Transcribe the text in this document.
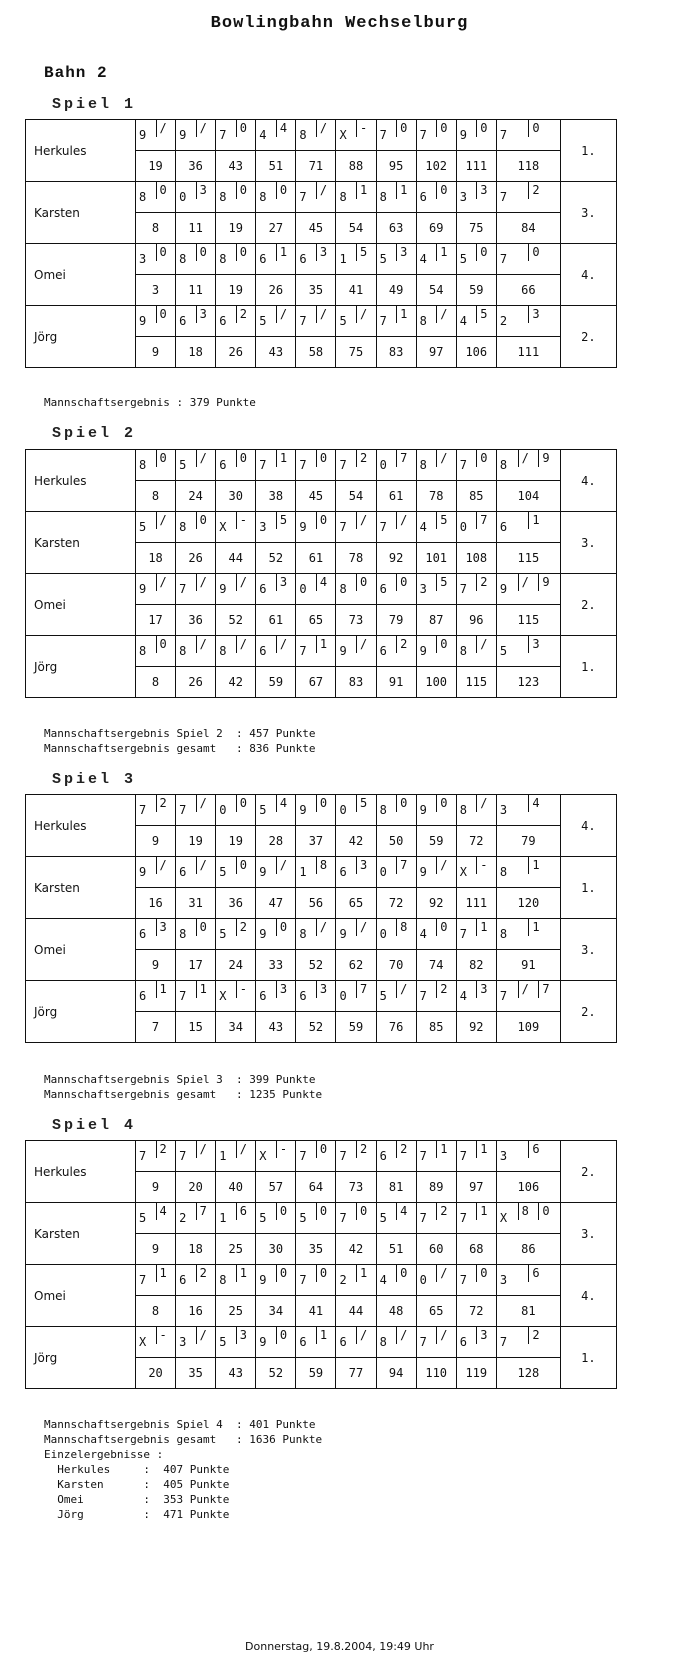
Bowlingbahn Wechselburg
Bahn 2
Spiel 1
Herkules	9 /	9 /	7 0	4 4	8 /	X -	7 0	7 0	9 0	7 0	1.
	19	36	43	51	71	88	95	102	111	118	
Karsten	8 0	0 3	8 0	8 0	7 /	8 1	8 1	6 0	3 3	7 2	3.
	8	11	19	27	45	54	63	69	75	84	
Omei	3 0	8 0	8 0	6 1	6 3	1 5	5 3	4 1	5 0	7 0	4.
	3	11	19	26	35	41	49	54	59	66	
Jörg	9 0	6 3	6 2	5 /	7 /	5 /	7 1	8 /	4 5	2 3	2.
	9	18	26	43	58	75	83	97	106	111	
Mannschaftsergebnis : 379 Punkte
Spiel 2
Herkules	8 0	5 /	6 0	7 1	7 0	7 2	0 7	8 /	7 0	8 / 9	4.
	8	24	30	38	45	54	61	78	85	104	
Karsten	5 /	8 0	X -	3 5	9 0	7 /	7 /	4 5	0 7	6 1	3.
	18	26	44	52	61	78	92	101	108	115	
Omei	9 /	7 /	9 /	6 3	0 4	8 0	6 0	3 5	7 2	9 / 9	2.
	17	36	52	61	65	73	79	87	96	115	
Jörg	8 0	8 /	8 /	6 /	7 1	9 /	6 2	9 0	8 /	5 3	1.
	8	26	42	59	67	83	91	100	115	123	
Mannschaftsergebnis Spiel 2  : 457 Punkte
Mannschaftsergebnis gesamt   : 836 Punkte
Spiel 3
Herkules	7 2	7 /	0 0	5 4	9 0	0 5	8 0	9 0	8 /	3 4	4.
	9	19	19	28	37	42	50	59	72	79	
Karsten	9 /	6 /	5 0	9 /	1 8	6 3	0 7	9 /	X -	8 1	1.
	16	31	36	47	56	65	72	92	111	120	
Omei	6 3	8 0	5 2	9 0	8 /	9 /	0 8	4 0	7 1	8 1	3.
	9	17	24	33	52	62	70	74	82	91	
Jörg	6 1	7 1	X -	6 3	6 3	0 7	5 /	7 2	4 3	7 / 7	2.
	7	15	34	43	52	59	76	85	92	109	
Mannschaftsergebnis Spiel 3  : 399 Punkte
Mannschaftsergebnis gesamt   : 1235 Punkte
Spiel 4
Herkules	7 2	7 /	1 /	X -	7 0	7 2	6 2	7 1	7 1	3 6	2.
	9	20	40	57	64	73	81	89	97	106	
Karsten	5 4	2 7	1 6	5 0	5 0	7 0	5 4	7 2	7 1	X 8 0	3.
	9	18	25	30	35	42	51	60	68	86	
Omei	7 1	6 2	8 1	9 0	7 0	2 1	4 0	0 /	7 0	3 6	4.
	8	16	25	34	41	44	48	65	72	81	
Jörg	X -	3 /	5 3	9 0	6 1	6 /	8 /	7 /	6 3	7 2	1.
	20	35	43	52	59	77	94	110	119	128	
Mannschaftsergebnis Spiel 4  : 401 Punkte
Mannschaftsergebnis gesamt   : 1636 Punkte
Einzelergebnisse :
Herkules     :  407 Punkte
Karsten      :  405 Punkte
Omei         :  353 Punkte
Jörg         :  471 Punkte
Donnerstag, 19.8.2004, 19:49 Uhr
